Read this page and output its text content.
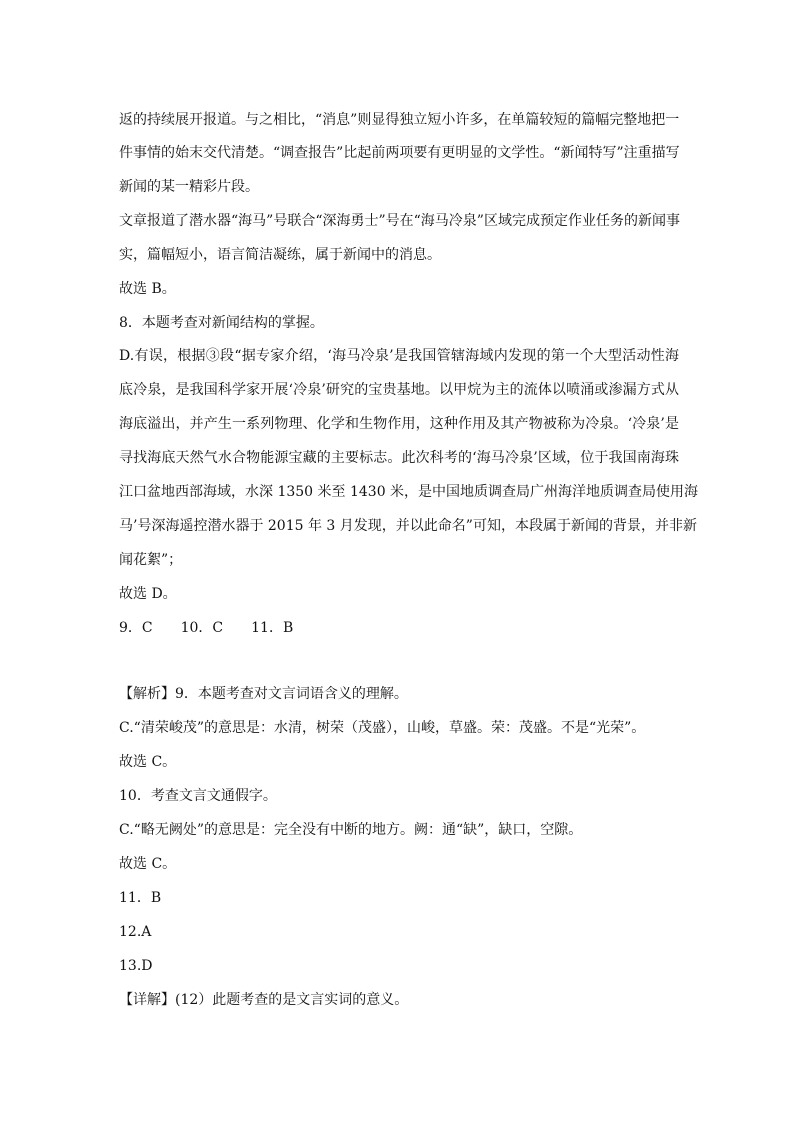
返的持续展开报道。与之相比，“消息”则显得独立短小许多，在单篇较短的篇幅完整地把一
件事情的始末交代清楚。“调查报告”比起前两项要有更明显的文学性。“新闻特写”注重描写
新闻的某一精彩片段。
文章报道了潜水器“海马”号联合“深海勇士”号在“海马冷泉”区域完成预定作业任务的新闻事
实，篇幅短小，语言简洁凝练，属于新闻中的消息。
故选 B。
8．本题考查对新闻结构的掌握。
D.有误，根据③段“据专家介绍，‘海马冷泉’是我国管辖海域内发现的第一个大型活动性海
底冷泉，是我国科学家开展‘冷泉’研究的宝贵基地。以甲烷为主的流体以喷涌或渗漏方式从
海底溢出，并产生一系列物理、化学和生物作用，这种作用及其产物被称为冷泉。‘冷泉’是
寻找海底天然气水合物能源宝藏的主要标志。此次科考的‘海马冷泉’区域，位于我国南海珠
江口盆地西部海域，水深 1350 米至 1430 米，是中国地质调查局广州海洋地质调查局使用海
马’号深海遥控潜水器于 2015 年 3 月发现，并以此命名”可知，本段属于新闻的背景，并非新
闻花絮”；
故选 D。
9．C　　10．C　　11．B
【解析】9．本题考查对文言词语含义的理解。
C.“清荣峻茂”的意思是：水清，树荣（茂盛），山峻，草盛。荣：茂盛。不是“光荣”。
故选 C。
10．考查文言文通假字。
C.“略无阙处”的意思是：完全没有中断的地方。阙：通“缺”，缺口，空隙。
故选 C。
11．B
12.A
13.D
【详解】(12）此题考查的是文言实词的意义。
